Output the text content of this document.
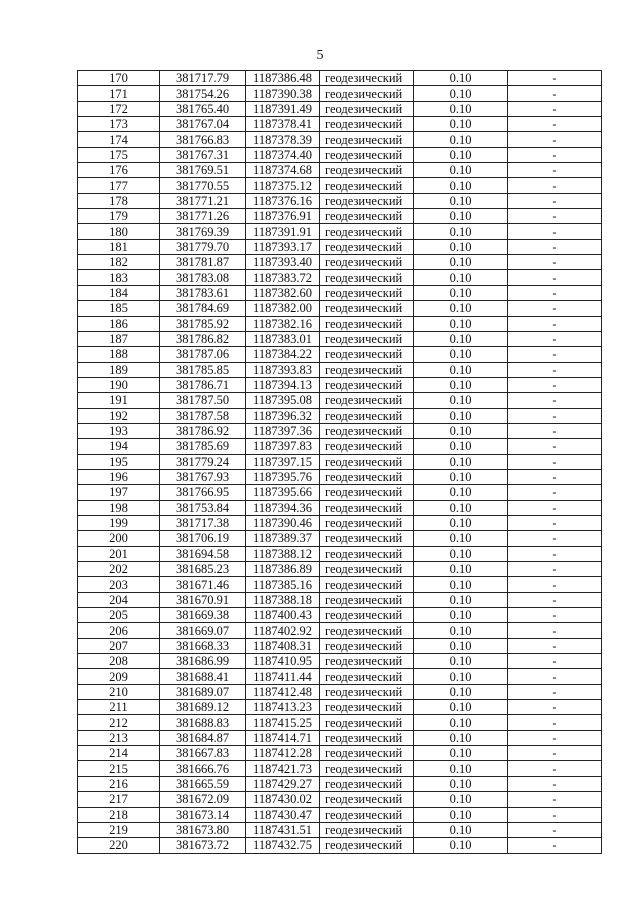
5
170	381717.79	1187386.48	геодезический	0.10	-
171	381754.26	1187390.38	геодезический	0.10	-
172	381765.40	1187391.49	геодезический	0.10	-
173	381767.04	1187378.41	геодезический	0.10	-
174	381766.83	1187378.39	геодезический	0.10	-
175	381767.31	1187374.40	геодезический	0.10	-
176	381769.51	1187374.68	геодезический	0.10	-
177	381770.55	1187375.12	геодезический	0.10	-
178	381771.21	1187376.16	геодезический	0.10	-
179	381771.26	1187376.91	геодезический	0.10	-
180	381769.39	1187391.91	геодезический	0.10	-
181	381779.70	1187393.17	геодезический	0.10	-
182	381781.87	1187393.40	геодезический	0.10	-
183	381783.08	1187383.72	геодезический	0.10	-
184	381783.61	1187382.60	геодезический	0.10	-
185	381784.69	1187382.00	геодезический	0.10	-
186	381785.92	1187382.16	геодезический	0.10	-
187	381786.82	1187383.01	геодезический	0.10	-
188	381787.06	1187384.22	геодезический	0.10	-
189	381785.85	1187393.83	геодезический	0.10	-
190	381786.71	1187394.13	геодезический	0.10	-
191	381787.50	1187395.08	геодезический	0.10	-
192	381787.58	1187396.32	геодезический	0.10	-
193	381786.92	1187397.36	геодезический	0.10	-
194	381785.69	1187397.83	геодезический	0.10	-
195	381779.24	1187397.15	геодезический	0.10	-
196	381767.93	1187395.76	геодезический	0.10	-
197	381766.95	1187395.66	геодезический	0.10	-
198	381753.84	1187394.36	геодезический	0.10	-
199	381717.38	1187390.46	геодезический	0.10	-
200	381706.19	1187389.37	геодезический	0.10	-
201	381694.58	1187388.12	геодезический	0.10	-
202	381685.23	1187386.89	геодезический	0.10	-
203	381671.46	1187385.16	геодезический	0.10	-
204	381670.91	1187388.18	геодезический	0.10	-
205	381669.38	1187400.43	геодезический	0.10	-
206	381669.07	1187402.92	геодезический	0.10	-
207	381668.33	1187408.31	геодезический	0.10	-
208	381686.99	1187410.95	геодезический	0.10	-
209	381688.41	1187411.44	геодезический	0.10	-
210	381689.07	1187412.48	геодезический	0.10	-
211	381689.12	1187413.23	геодезический	0.10	-
212	381688.83	1187415.25	геодезический	0.10	-
213	381684.87	1187414.71	геодезический	0.10	-
214	381667.83	1187412.28	геодезический	0.10	-
215	381666.76	1187421.73	геодезический	0.10	-
216	381665.59	1187429.27	геодезический	0.10	-
217	381672.09	1187430.02	геодезический	0.10	-
218	381673.14	1187430.47	геодезический	0.10	-
219	381673.80	1187431.51	геодезический	0.10	-
220	381673.72	1187432.75	геодезический	0.10	-
